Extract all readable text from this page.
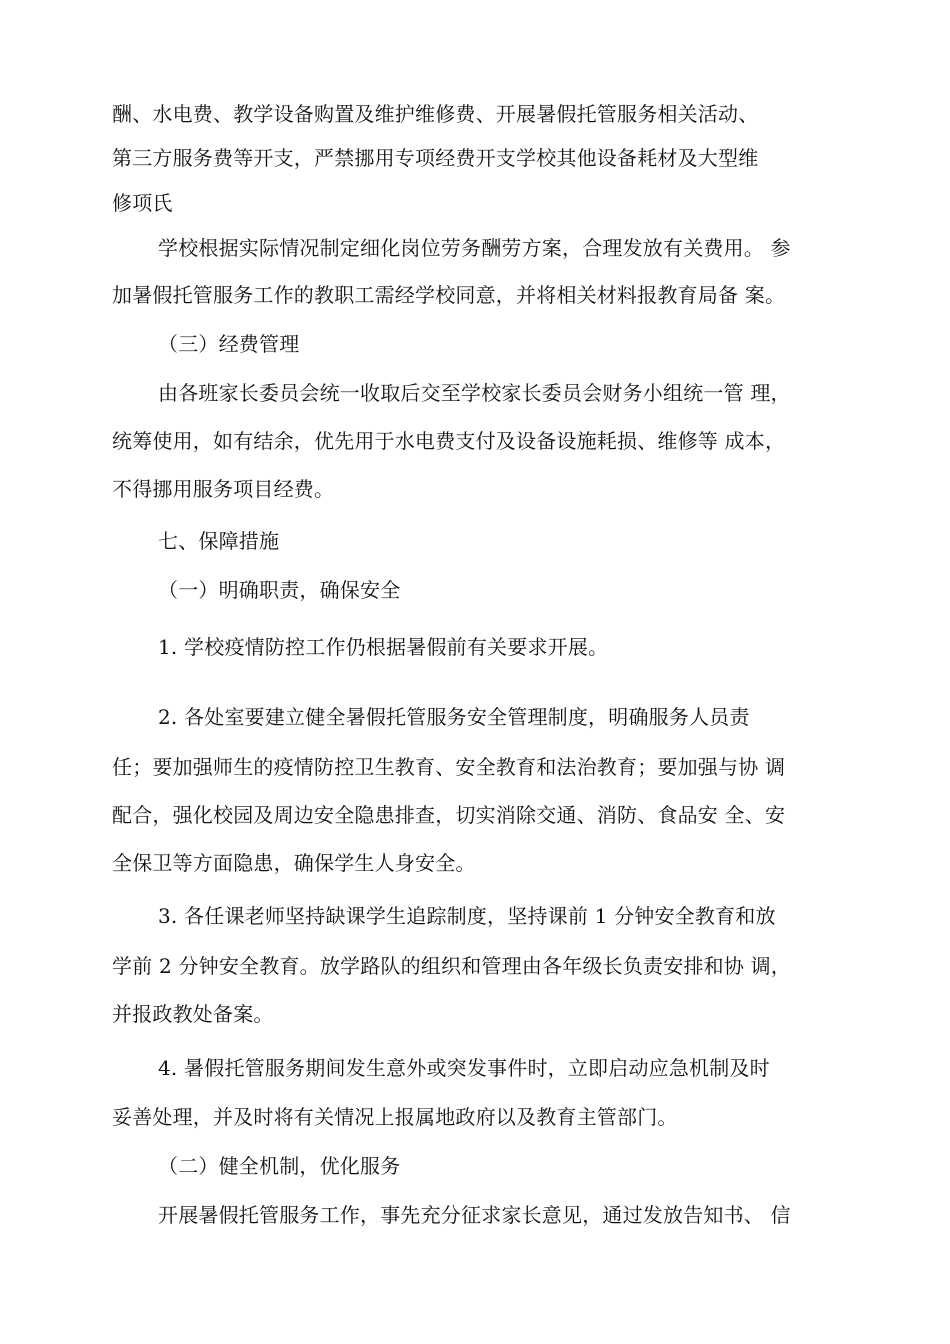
酬、水电费、教学设备购置及维护维修费、开展暑假托管服务相关活动、
第三方服务费等开支，严禁挪用专项经费开支学校其他设备耗材及大型维
修项氏
学校根据实际情况制定细化岗位劳务酬劳方案，合理发放有关费用。 参
加暑假托管服务工作的教职工需经学校同意，并将相关材料报教育局备 案。
（三）经费管理
由各班家长委员会统一收取后交至学校家长委员会财务小组统一管 理，
统筹使用，如有结余，优先用于水电费支付及设备设施耗损、维修等 成本，
不得挪用服务项目经费。
七、保障措施
（一）明确职责，确保安全
1. 学校疫情防控工作仍根据暑假前有关要求开展。
2. 各处室要建立健全暑假托管服务安全管理制度，明确服务人员责
任；要加强师生的疫情防控卫生教育、安全教育和法治教育；要加强与协 调
配合，强化校园及周边安全隐患排查，切实消除交通、消防、食品安 全、安
全保卫等方面隐患，确保学生人身安全。
3. 各任课老师坚持缺课学生追踪制度，坚持课前 1 分钟安全教育和放
学前 2 分钟安全教育。放学路队的组织和管理由各年级长负责安排和协 调，
并报政教处备案。
4. 暑假托管服务期间发生意外或突发事件时，立即启动应急机制及时
妥善处理，并及时将有关情况上报属地政府以及教育主管部门。
（二）健全机制，优化服务
开展暑假托管服务工作，事先充分征求家长意见，通过发放告知书、 信
